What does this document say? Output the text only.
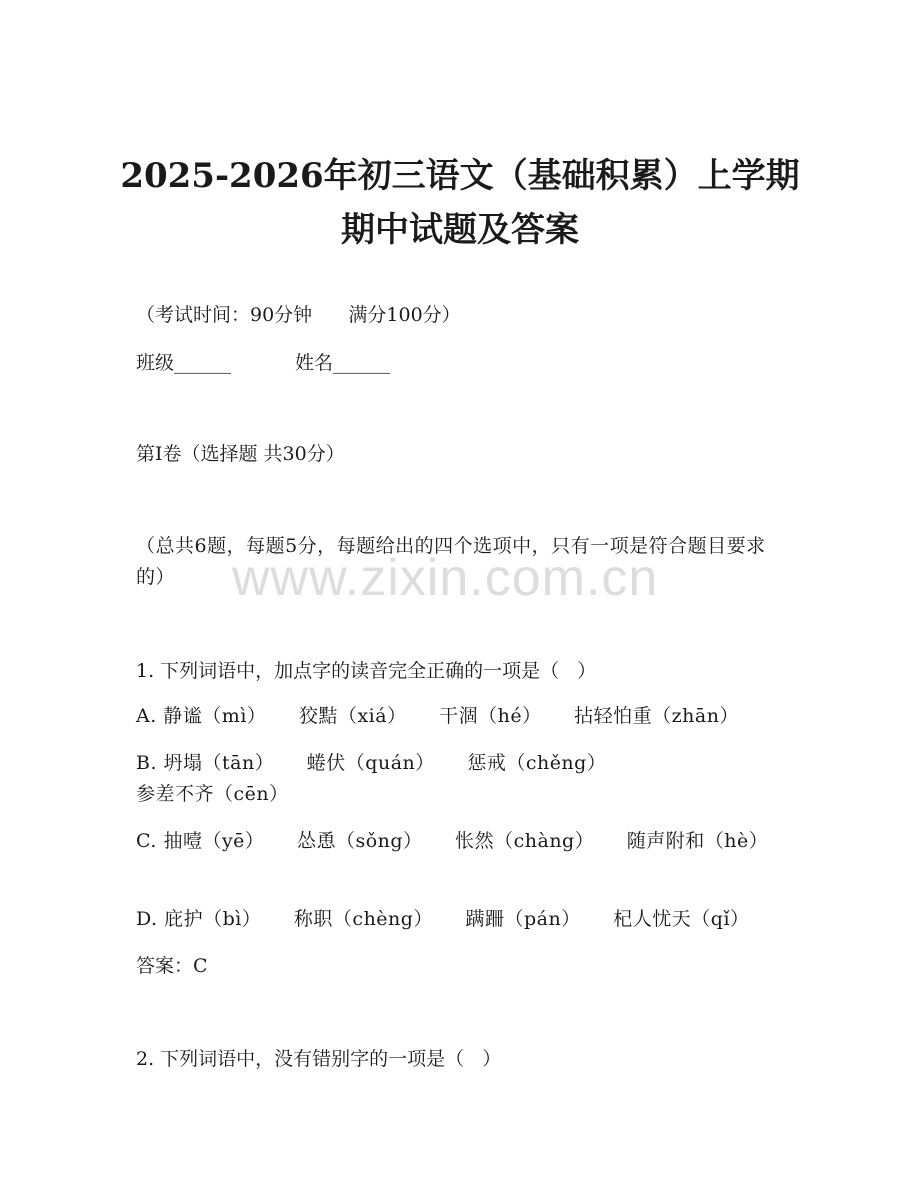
2025-2026年初三语文（基础积累）上学期
期中试题及答案
（考试时间：90分钟      满分100分）
班级______	姓名______
第Ⅰ卷（选择题 共30分）
（总共6题，每题5分，每题给出的四个选项中，只有一项是符合题目要求的）	www.zixin.com.cn
1. 下列词语中，加点字的读音完全正确的一项是（   ）
A. 静谧（mì） 狡黠（xiá） 干涸（hé） 拈轻怕重（zhān）
B. 坍塌（tān） 蜷伏（quán） 惩戒（chěng） 参差不齐（cēn）
C. 抽噎（yē） 怂恿（sǒng） 怅然（chàng） 随声附和（hè）
D. 庇护（bì） 称职（chèng） 蹒跚（pán） 杞人忧天（qǐ）
答案：C
2. 下列词语中，没有错别字的一项是（   ）
